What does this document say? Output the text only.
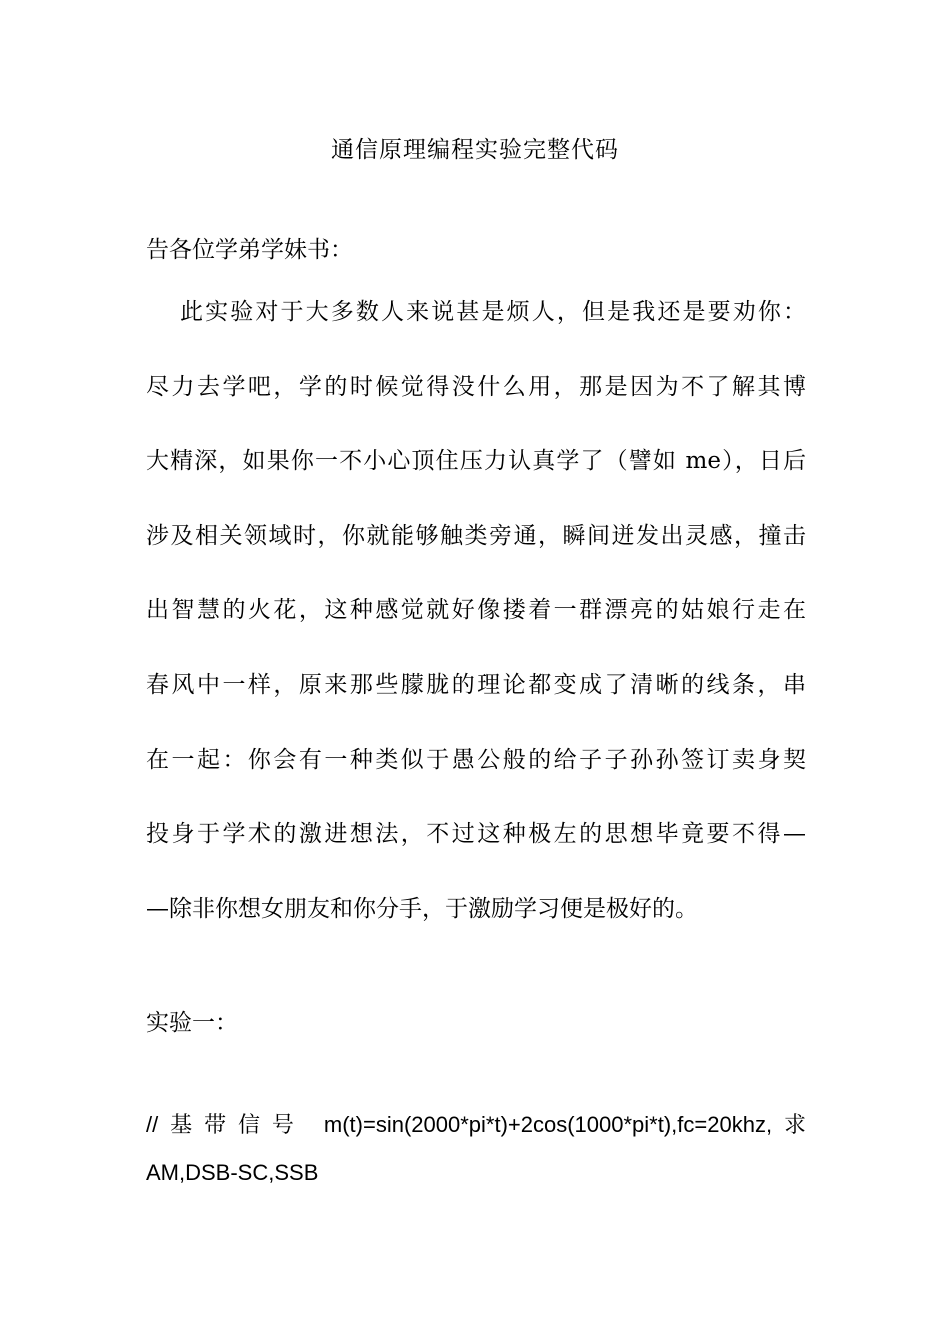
通信原理编程实验完整代码
告各位学弟学妹书：
此实验对于大多数人来说甚是烦人，但是我还是要劝你：
尽力去学吧，学的时候觉得没什么用，那是因为不了解其博
大精深，如果你一不小心顶住压力认真学了（譬如 me），日后
涉及相关领域时，你就能够触类旁通，瞬间迸发出灵感，撞击
出智慧的火花，这种感觉就好像搂着一群漂亮的姑娘行走在
春风中一样，原来那些朦胧的理论都变成了清晰的线条，串
在一起：你会有一种类似于愚公般的给子子孙孙签订卖身契
投身于学术的激进想法，不过这种极左的思想毕竟要不得—
—除非你想女朋友和你分手，于激励学习便是极好的。
实验一：
//基带信号 m(t)=sin(2000*pi*t)+2cos(1000*pi*t),fc=20khz,求
AM,DSB-SC,SSB
